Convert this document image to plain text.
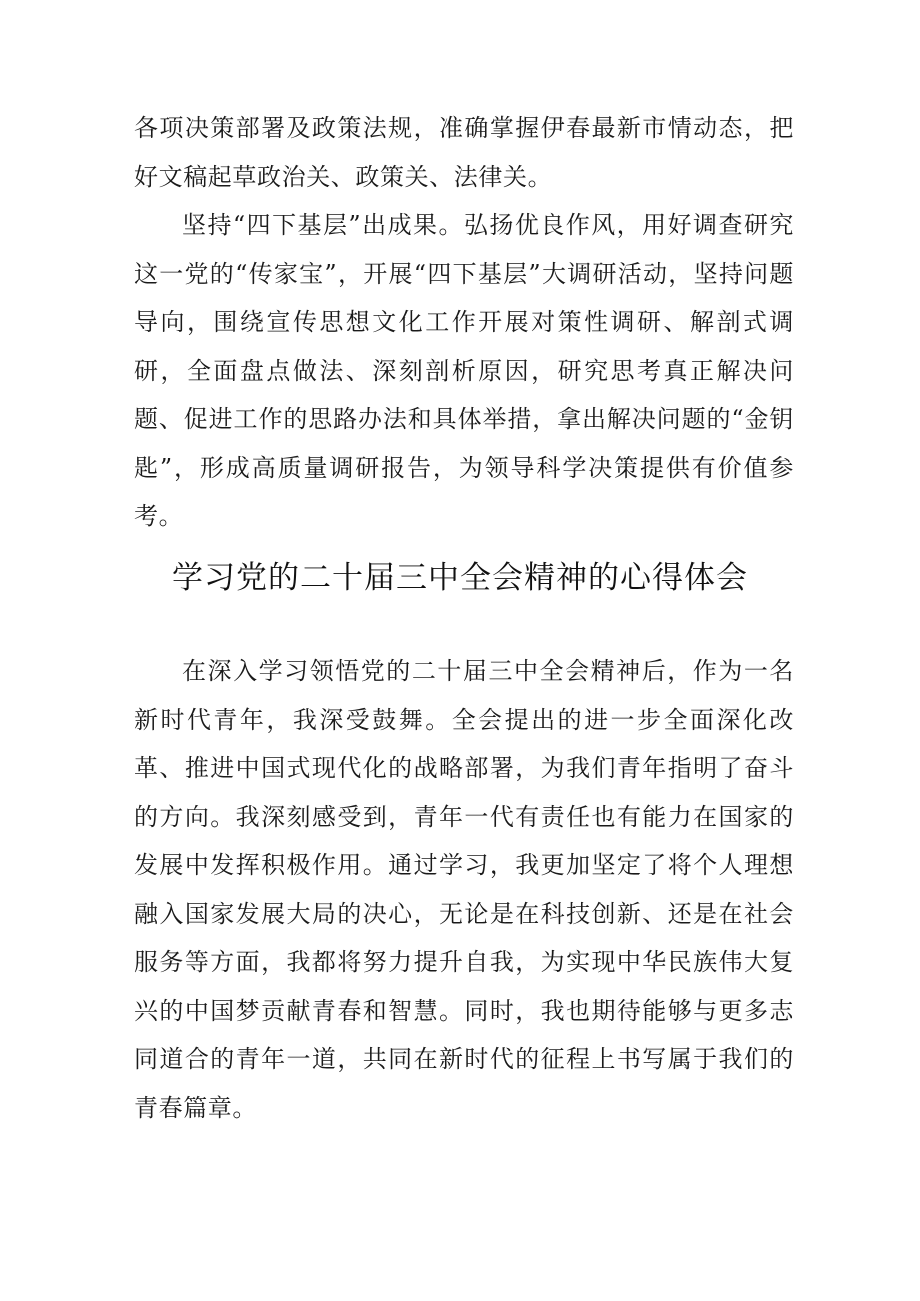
各项决策部署及政策法规，准确掌握伊春最新市情动态，把好文稿起草政治关、政策关、法律关。

坚持“四下基层”出成果。弘扬优良作风，用好调查研究这一党的“传家宝”，开展“四下基层”大调研活动，坚持问题导向，围绕宣传思想文化工作开展对策性调研、解剖式调研，全面盘点做法、深刻剖析原因，研究思考真正解决问题、促进工作的思路办法和具体举措，拿出解决问题的“金钥匙”，形成高质量调研报告，为领导科学决策提供有价值参考。

学习党的二十届三中全会精神的心得体会

在深入学习领悟党的二十届三中全会精神后，作为一名新时代青年，我深受鼓舞。全会提出的进一步全面深化改革、推进中国式现代化的战略部署，为我们青年指明了奋斗的方向。我深刻感受到，青年一代有责任也有能力在国家的发展中发挥积极作用。通过学习，我更加坚定了将个人理想融入国家发展大局的决心，无论是在科技创新、还是在社会服务等方面，我都将努力提升自我，为实现中华民族伟大复兴的中国梦贡献青春和智慧。同时，我也期待能够与更多志同道合的青年一道，共同在新时代的征程上书写属于我们的青春篇章。
